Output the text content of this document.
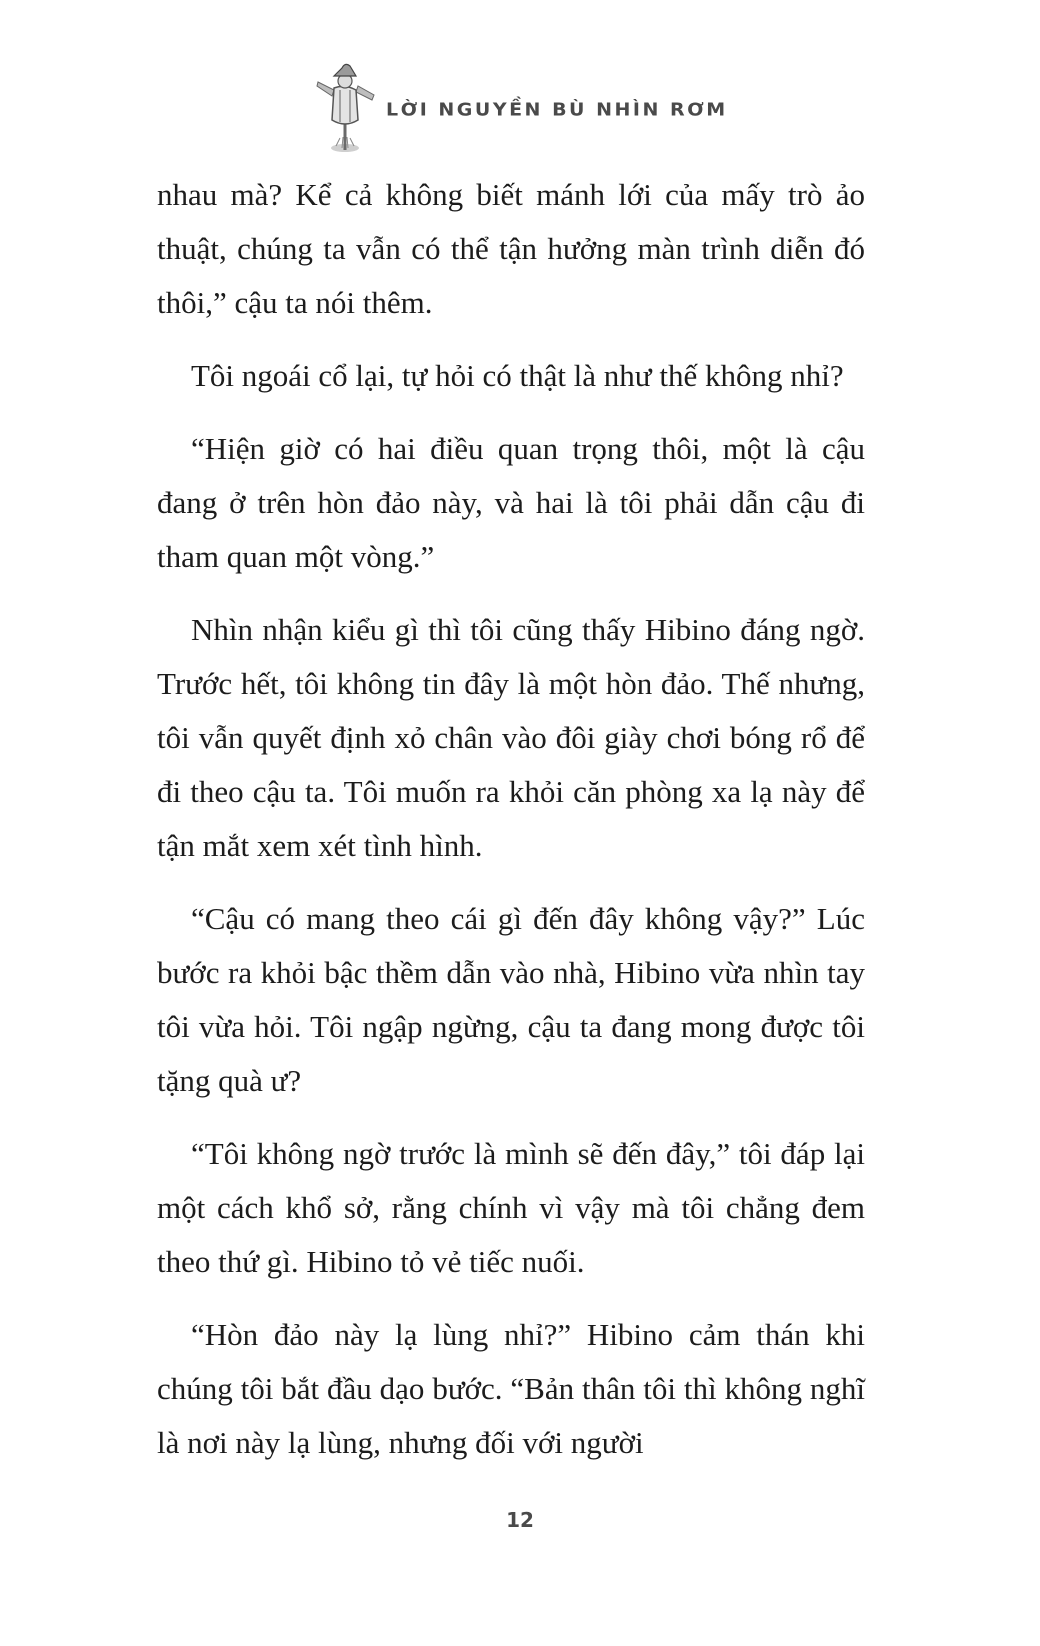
LỜI NGUYỀN BÙ NHÌN RƠM

nhau mà? Kể cả không biết mánh lới của mấy trò ảo thuật, chúng ta vẫn có thể tận hưởng màn trình diễn đó thôi,” cậu ta nói thêm.

Tôi ngoái cổ lại, tự hỏi có thật là như thế không nhỉ?

“Hiện giờ có hai điều quan trọng thôi, một là cậu đang ở trên hòn đảo này, và hai là tôi phải dẫn cậu đi tham quan một vòng.”

Nhìn nhận kiểu gì thì tôi cũng thấy Hibino đáng ngờ. Trước hết, tôi không tin đây là một hòn đảo. Thế nhưng, tôi vẫn quyết định xỏ chân vào đôi giày chơi bóng rổ để đi theo cậu ta. Tôi muốn ra khỏi căn phòng xa lạ này để tận mắt xem xét tình hình.

“Cậu có mang theo cái gì đến đây không vậy?” Lúc bước ra khỏi bậc thềm dẫn vào nhà, Hibino vừa nhìn tay tôi vừa hỏi. Tôi ngập ngừng, cậu ta đang mong được tôi tặng quà ư?

“Tôi không ngờ trước là mình sẽ đến đây,” tôi đáp lại một cách khổ sở, rằng chính vì vậy mà tôi chẳng đem theo thứ gì. Hibino tỏ vẻ tiếc nuối.

“Hòn đảo này lạ lùng nhỉ?” Hibino cảm thán khi chúng tôi bắt đầu dạo bước. “Bản thân tôi thì không nghĩ là nơi này lạ lùng, nhưng đối với người

12
